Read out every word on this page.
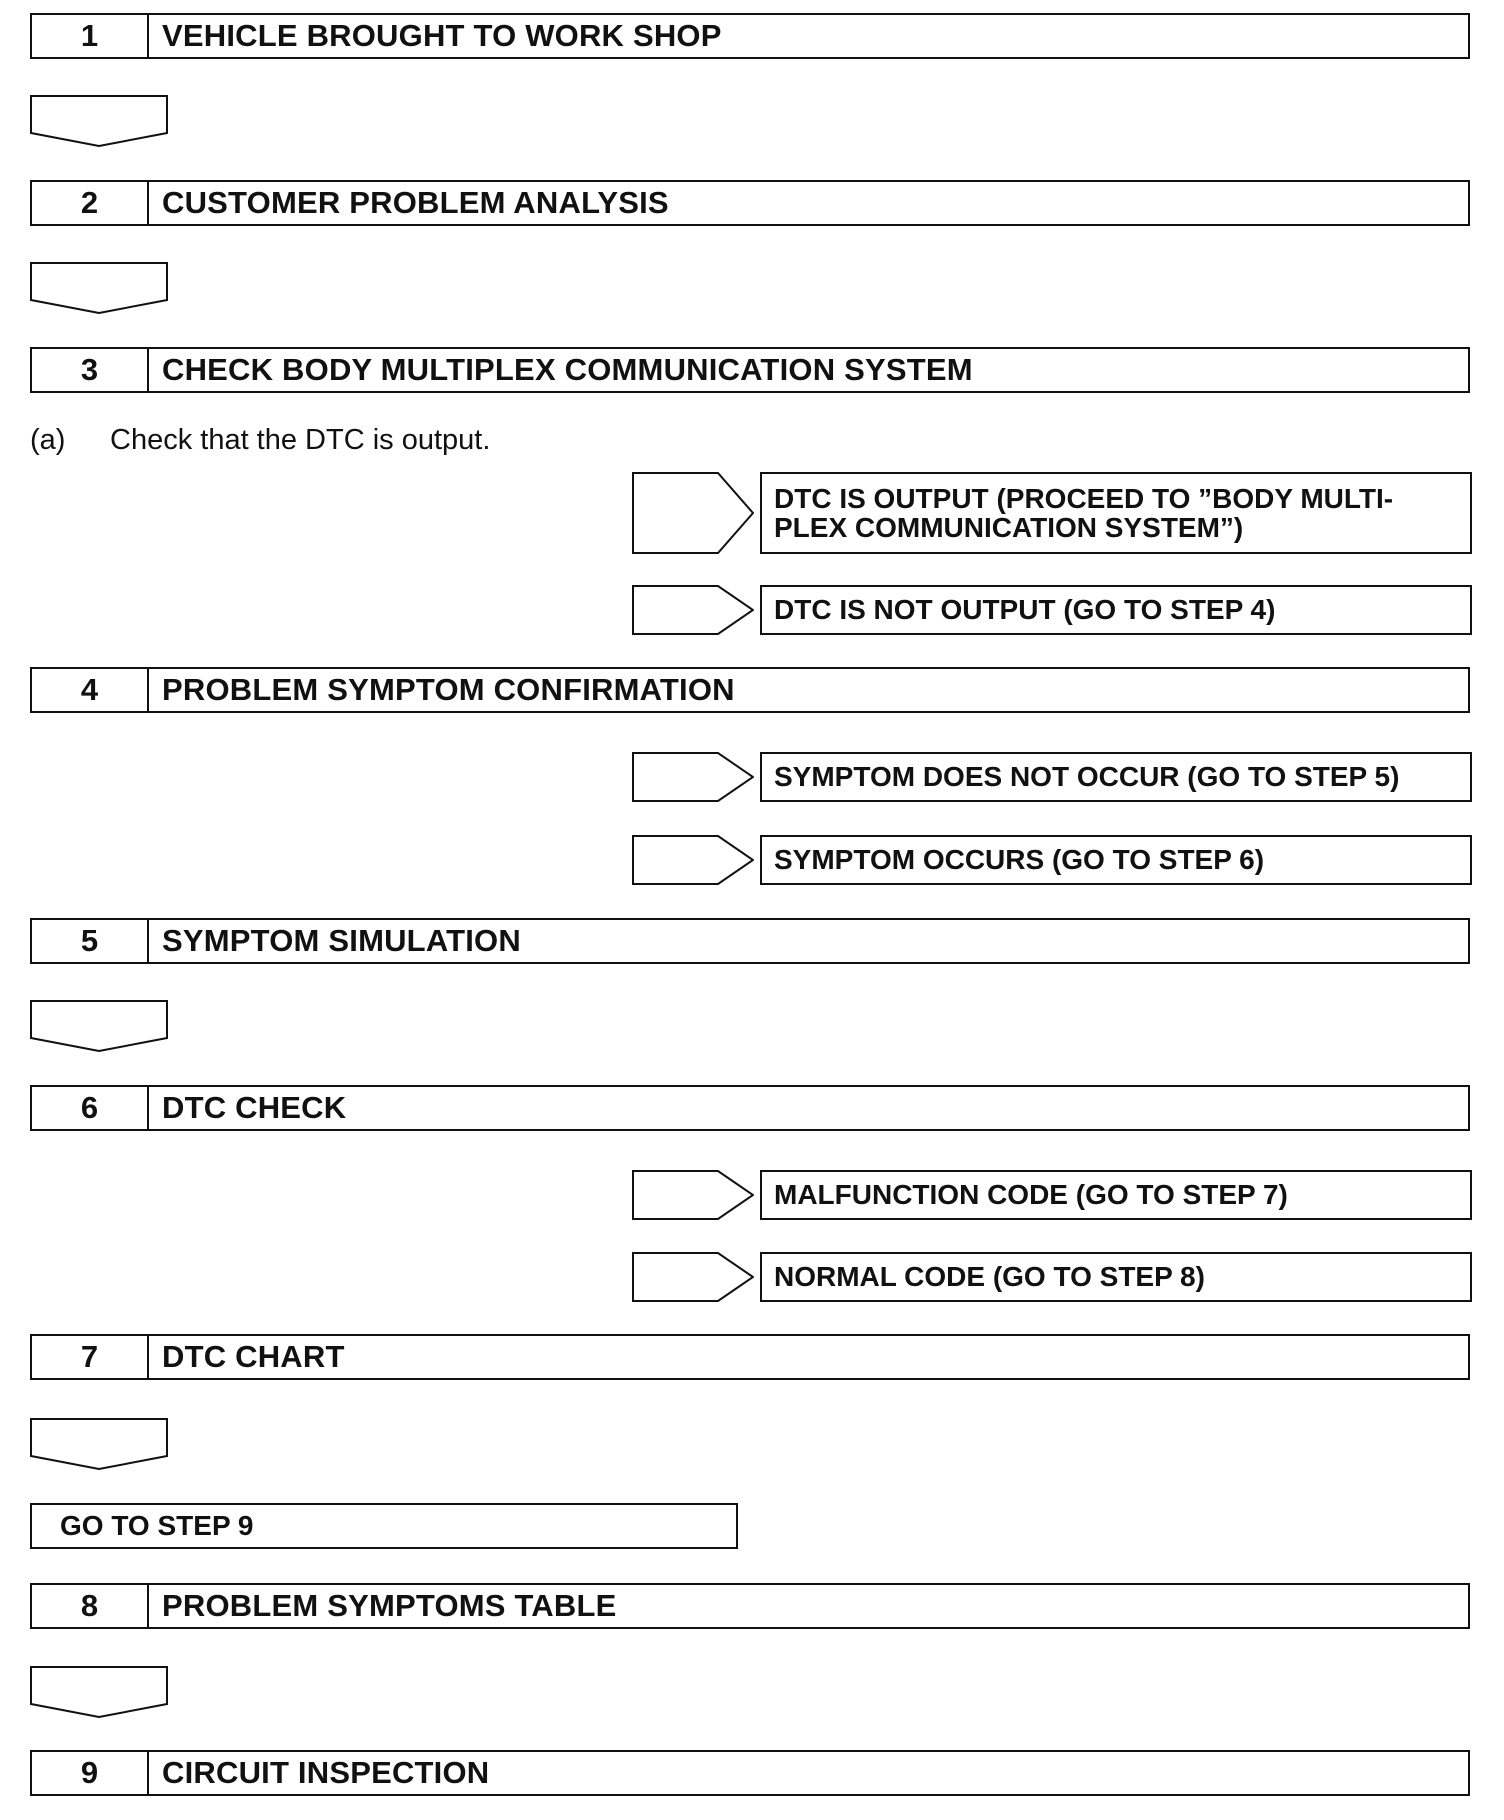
1	VEHICLE BROUGHT TO WORK SHOP
2	CUSTOMER PROBLEM ANALYSIS
3	CHECK BODY MULTIPLEX COMMUNICATION SYSTEM
(a) Check that the DTC is output.
DTC IS OUTPUT (PROCEED TO ”BODY MULTI-
PLEX COMMUNICATION SYSTEM”)
DTC IS NOT OUTPUT (GO TO STEP 4)
4	PROBLEM SYMPTOM CONFIRMATION
SYMPTOM DOES NOT OCCUR (GO TO STEP 5)
SYMPTOM OCCURS (GO TO STEP 6)
5	SYMPTOM SIMULATION
6	DTC CHECK
MALFUNCTION CODE (GO TO STEP 7)
NORMAL CODE (GO TO STEP 8)
7	DTC CHART
GO TO STEP 9
8	PROBLEM SYMPTOMS TABLE
9	CIRCUIT INSPECTION
